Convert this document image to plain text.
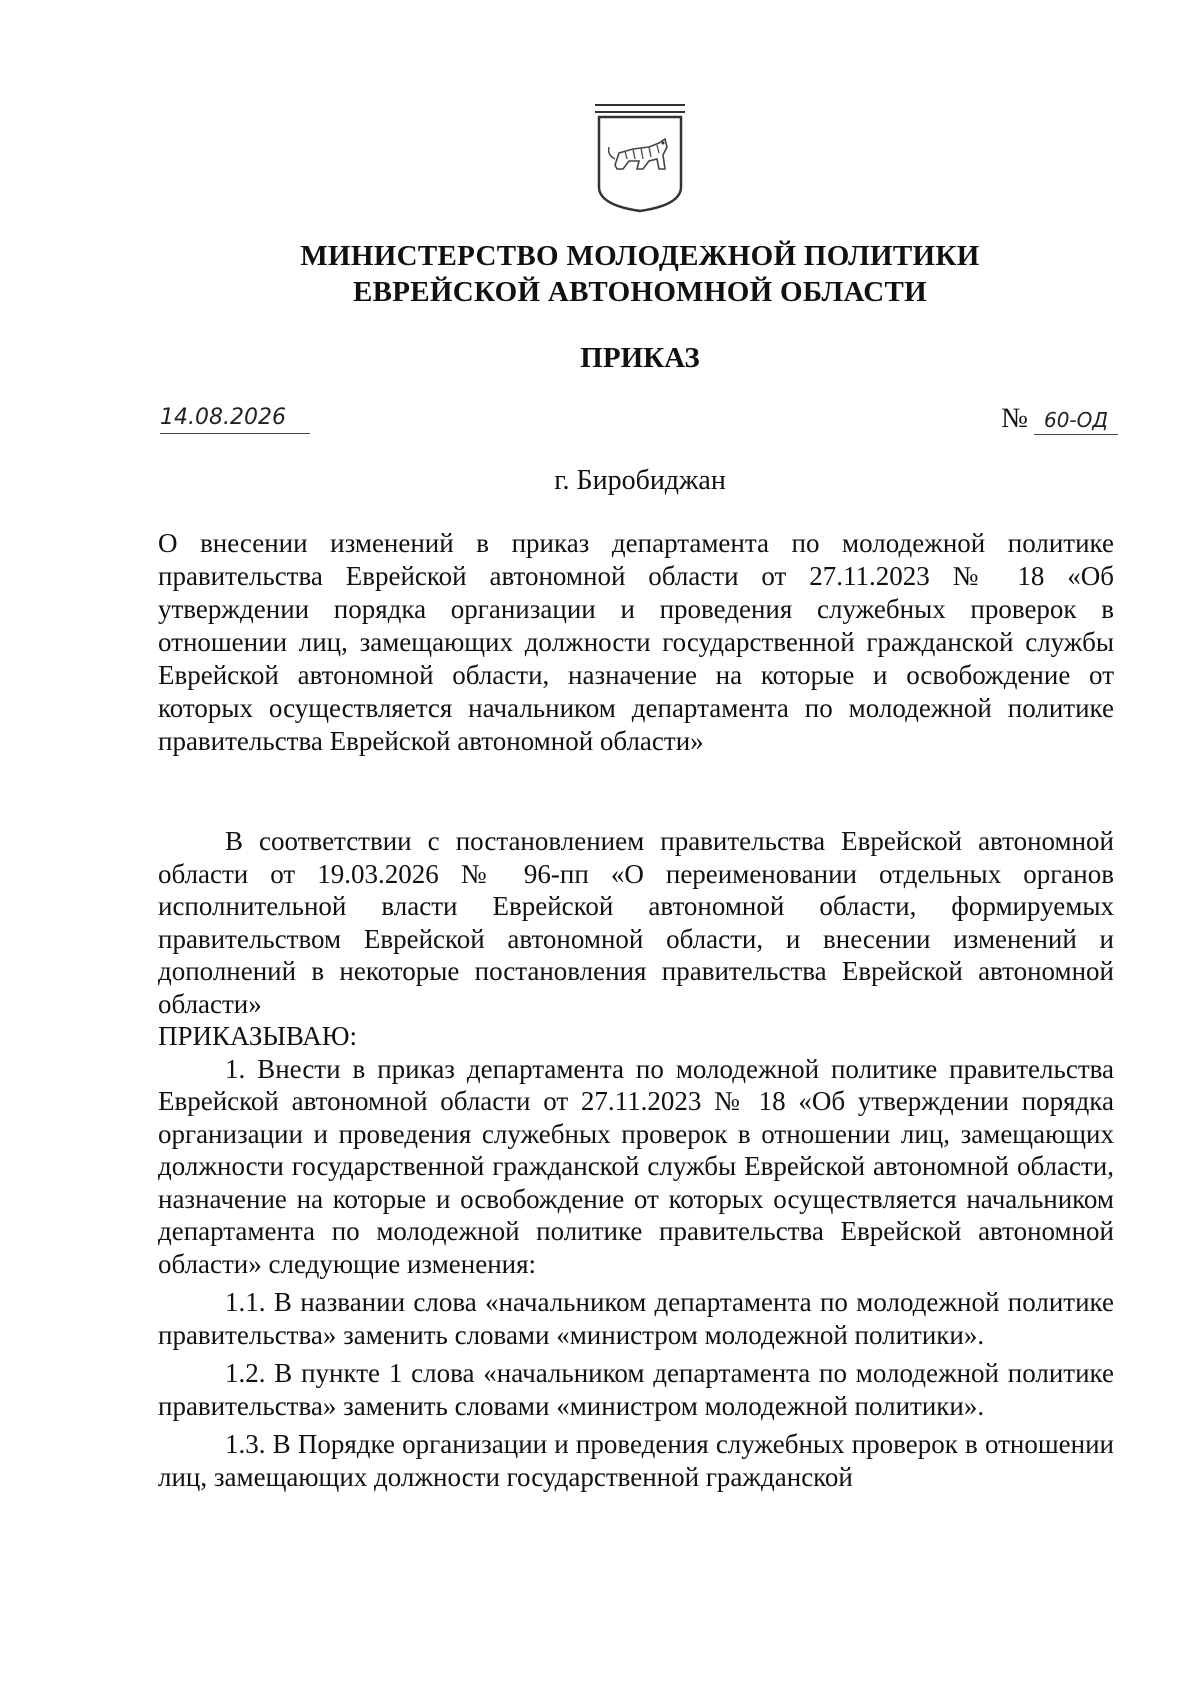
МИНИСТЕРСТВО МОЛОДЕЖНОЙ ПОЛИТИКИ
ЕВРЕЙСКОЙ АВТОНОМНОЙ ОБЛАСТИ
ПРИКАЗ
14.08.2026	№ 60-ОД
г. Биробиджан
О внесении изменений в приказ департамента по молодежной политике правительства Еврейской автономной области от 27.11.2023 № 18 «Об утверждении порядка организации и проведения служебных проверок в отношении лиц, замещающих должности государственной гражданской службы Еврейской автономной области, назначение на которые и освобождение от которых осуществляется начальником департамента по молодежной политике правительства Еврейской автономной области»

В соответствии с постановлением правительства Еврейской автономной области от 19.03.2026 № 96-пп «О переименовании отдельных органов исполнительной власти Еврейской автономной области, формируемых правительством Еврейской автономной области, и внесении изменений и дополнений в некоторые постановления правительства Еврейской автономной области»

ПРИКАЗЫВАЮ:

1. Внести в приказ департамента по молодежной политике правительства Еврейской автономной области от 27.11.2023 № 18 «Об утверждении порядка организации и проведения служебных проверок в отношении лиц, замещающих должности государственной гражданской службы Еврейской автономной области, назначение на которые и освобождение от которых осуществляется начальником департамента по молодежной политике правительства Еврейской автономной области» следующие изменения:

1.1. В названии слова «начальником департамента по молодежной политике правительства» заменить словами «министром молодежной политики».

1.2. В пункте 1 слова «начальником департамента по молодежной политике правительства» заменить словами «министром молодежной политики».

1.3. В Порядке организации и проведения служебных проверок в отношении лиц, замещающих должности государственной гражданской
